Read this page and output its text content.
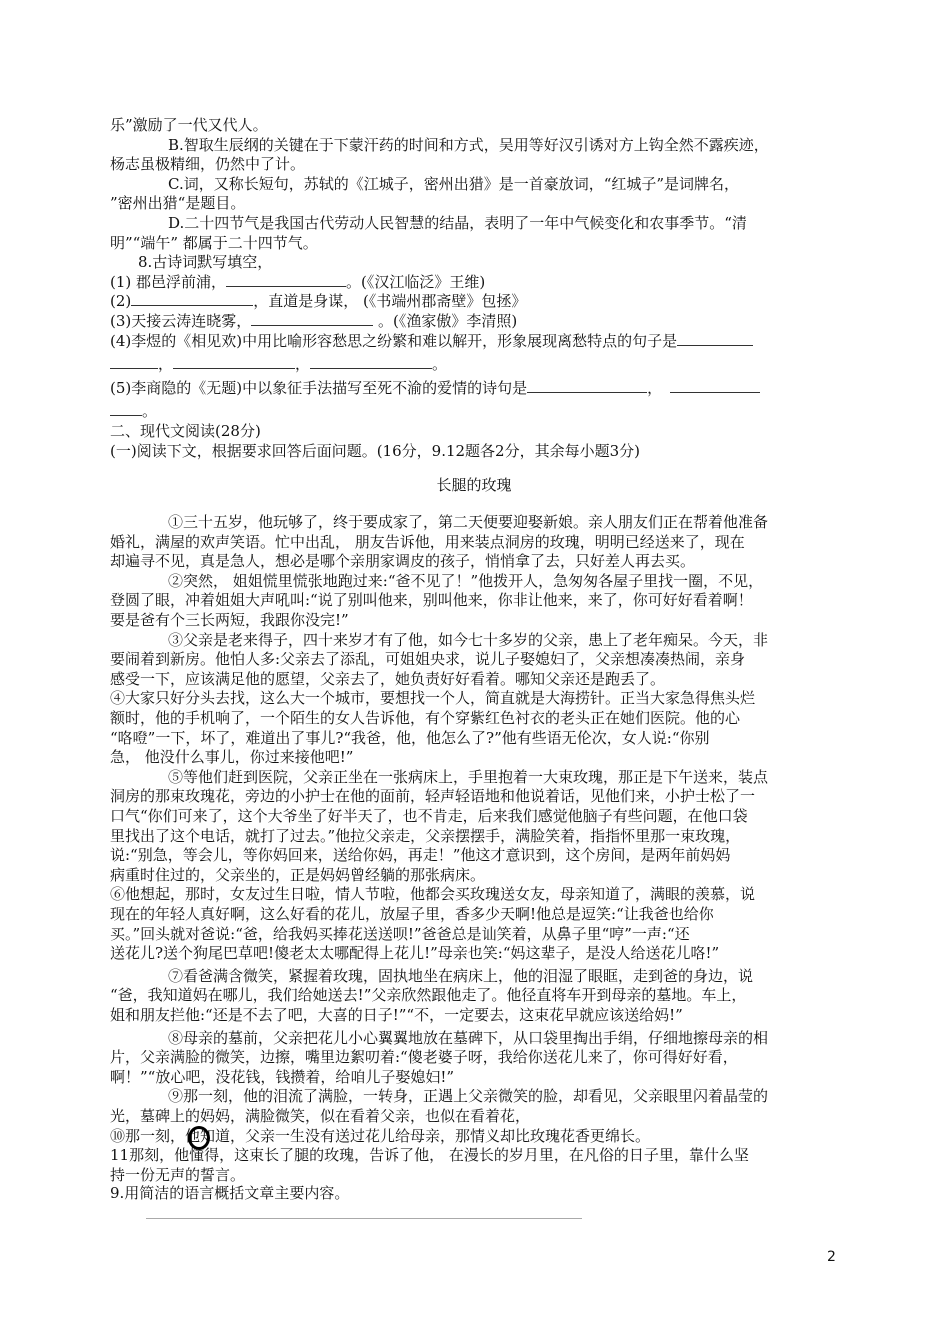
乐”激励了一代又代人。
B.智取生辰纲的关键在于下蒙汗药的时间和方式，吴用等好汉引诱对方上钩全然不露疾迹，
杨志虽极精细，仍然中了计。
C.词，又称长短句，苏轼的《江城子，密州出猎》是一首豪放词，“红城子”是词牌名，
”密州出猎“是题目。
D.二十四节气是我国古代劳动人民智慧的结晶，表明了一年中气候变化和农事季节。“清
明”“端午” 都属于二十四节气。
8.古诗词默写填空，
(1) 郡邑浮前浦，	。(《汉江临泛》王维)
(2)	，直道是身谋， (《书端州郡斋壁》包拯》
(3)天接云涛连晓雾，	。(《渔家傲》李清照)
(4)李煜的《相见欢)中用比喻形容愁思之纷繁和难以解开，形象展现离愁特点的句子是
，	，	。
(5)李商隐的《无题)中以象征手法描写至死不渝的爱情的诗句是	，
。
二、现代文阅读(28分)
(一)阅读下文，根据要求回答后面问题。(16分，9.12题各2分，其余每小题3分)
长腿的玫瑰
①三十五岁，他玩够了，终于要成家了，第二天便要迎娶新娘。亲人朋友们正在帮着他准备
婚礼，满屋的欢声笑语。忙中出乱， 朋友告诉他，用来装点洞房的玫瑰，明明已经送来了，现在
却遍寻不见，真是急人，想必是哪个亲朋家调皮的孩子，悄悄拿了去，只好差人再去买。
②突然， 姐姐慌里慌张地跑过来:“爸不见了！”他拨开人，急匆匆各屋子里找一圈，不见，
登圆了眼，冲着姐姐大声吼叫:“说了别叫他来，别叫他来，你非让他来，来了，你可好好看着啊！
要是爸有个三长两短，我跟你没完!”
③父亲是老来得子，四十来岁才有了他，如今七十多岁的父亲，患上了老年痴呆。今天，非
要闹着到新房。他怕人多:父亲去了添乱，可姐姐央求，说儿子娶媳妇了，父亲想凑凑热闹，亲身
感受一下，应该满足他的愿望，父亲去了，她负责好好看着。哪知父亲还是跑丢了。
④大家只好分头去找，这么大一个城市，要想找一个人，简直就是大海捞针。正当大家急得焦头烂
额时，他的手机响了，一个陌生的女人告诉他，有个穿紫红色衬衣的老头正在她们医院。他的心
“咯噔”一下，坏了，难道出了事儿?“我爸，他，他怎么了?”他有些语无伦次，女人说:“你别
急， 他没什么事儿，你过来接他吧!”
⑤等他们赶到医院，父亲正坐在一张病床上，手里抱着一大束玫瑰，那正是下午送来，装点
洞房的那束玫瑰花，旁边的小护士在他的面前，轻声轻语地和他说着话，见他们来，小护士松了一
口气“你们可来了，这个大爷坐了好半天了，也不肯走，后来我们感觉他脑子有些问题，在他口袋
里找出了这个电话，就打了过去。”他拉父亲走，父亲摆摆手，满脸笑着，指指怀里那一束玫瑰，
说:“别急，等会儿，等你妈回来，送给你妈，再走！”他这才意识到，这个房间，是两年前妈妈
病重时住过的，父亲坐的，正是妈妈曾经躺的那张病床。
⑥他想起，那时，女友过生日啦，情人节啦，他都会买玫瑰送女友，母亲知道了，满眼的羡慕，说
现在的年轻人真好啊，这么好看的花儿，放屋子里，香多少天啊!他总是逗笑:“让我爸也给你
买。”回头就对爸说:“爸，给我妈买捧花送送呗!”爸爸总是讪笑着，从鼻子里“哼”一声:“还
送花儿?送个狗尾巴草吧!傻老太太哪配得上花儿!”母亲也笑:“妈这辈子，是没人给送花儿咯!”
⑦看爸满含微笑，紧握着玫瑰，固执地坐在病床上，他的泪湿了眼眶，走到爸的身边，说
“爸，我知道妈在哪儿，我们给她送去!”父亲欣然跟他走了。他径直将车开到母亲的墓地。车上，
姐和朋友拦他:“还是不去了吧，大喜的日子!”“不，一定要去，这束花早就应该送给妈!”
⑧母亲的墓前，父亲把花儿小心翼翼地放在墓碑下，从口袋里掏出手绢，仔细地擦母亲的相
片，父亲满脸的微笑，边擦，嘴里边絮叨着:“傻老婆子呀，我给你送花儿来了，你可得好好看，
啊！”“放心吧，没花钱，钱攒着，给咱儿子娶媳妇!”
⑨那一刻，他的泪流了满脸，一转身，正遇上父亲微笑的脸，却看见，父亲眼里闪着晶莹的
光，墓碑上的妈妈，满脸微笑，似在看着父亲，也似在看着花，
⑩那一刻，他知道，父亲一生没有送过花儿给母亲，那情义却比玫瑰花香更绵长。
11那刻，他懂得，这束长了腿的玫瑰，告诉了他， 在漫长的岁月里，在凡俗的日子里，靠什么坚
持一份无声的誓言。
9.用简洁的语言概括文章主要内容。
2
